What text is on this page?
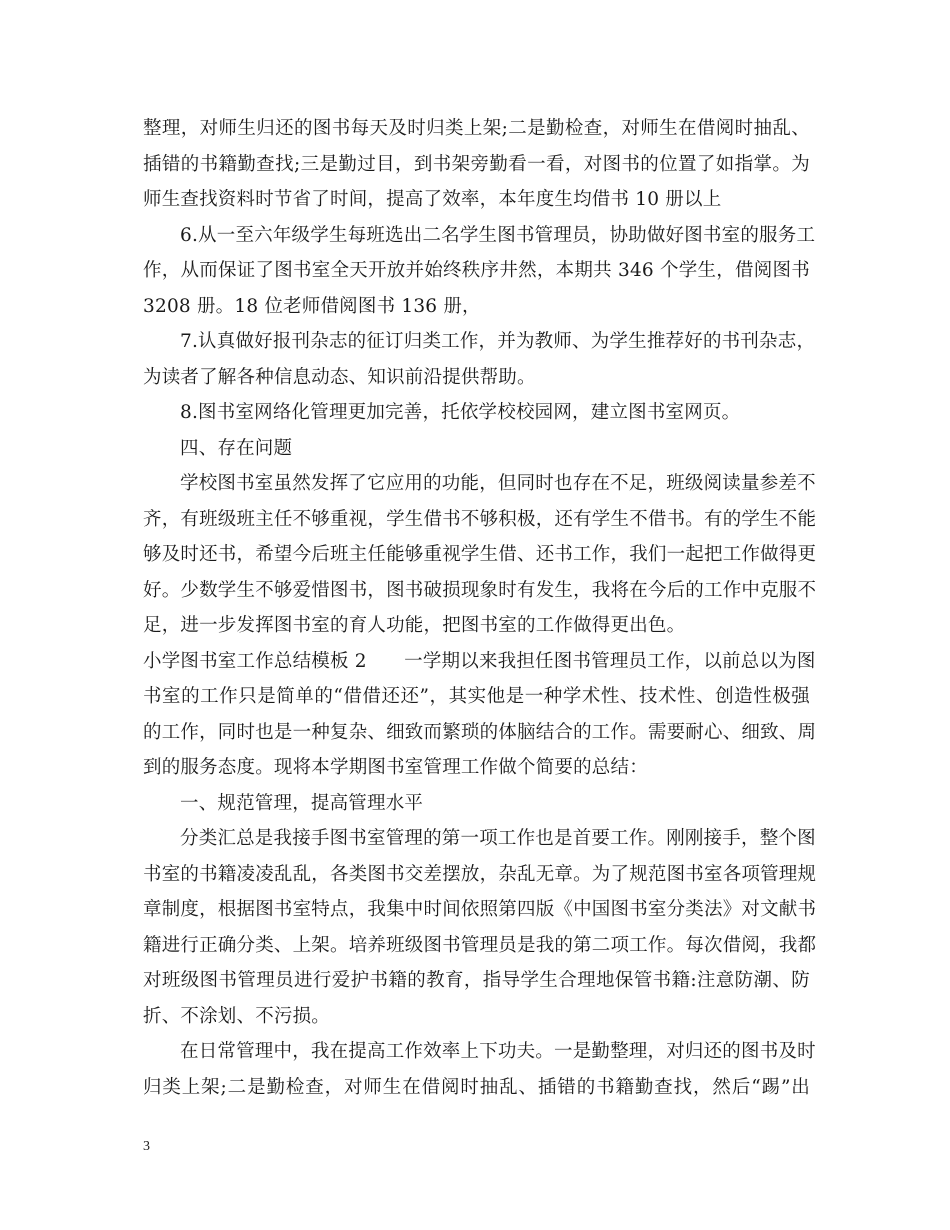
整理，对师生归还的图书每天及时归类上架;二是勤检查，对师生在借阅时抽乱、
插错的书籍勤查找;三是勤过目，到书架旁勤看一看，对图书的位置了如指掌。为
师生查找资料时节省了时间，提高了效率，本年度生均借书 10 册以上
6.从一至六年级学生每班选出二名学生图书管理员，协助做好图书室的服务工
作，从而保证了图书室全天开放并始终秩序井然，本期共 346 个学生，借阅图书
3208 册。18 位老师借阅图书 136 册，
7.认真做好报刊杂志的征订归类工作，并为教师、为学生推荐好的书刊杂志，
为读者了解各种信息动态、知识前沿提供帮助。
8.图书室网络化管理更加完善，托依学校校园网，建立图书室网页。
四、存在问题
学校图书室虽然发挥了它应用的功能，但同时也存在不足，班级阅读量参差不
齐，有班级班主任不够重视，学生借书不够积极，还有学生不借书。有的学生不能
够及时还书，希望今后班主任能够重视学生借、还书工作，我们一起把工作做得更
好。少数学生不够爱惜图书，图书破损现象时有发生，我将在今后的工作中克服不
足，进一步发挥图书室的育人功能，把图书室的工作做得更出色。
小学图书室工作总结模板 2　　一学期以来我担任图书管理员工作，以前总以为图
书室的工作只是简单的“借借还还”，其实他是一种学术性、技术性、创造性极强
的工作，同时也是一种复杂、细致而繁琐的体脑结合的工作。需要耐心、细致、周
到的服务态度。现将本学期图书室管理工作做个简要的总结：
一、规范管理，提高管理水平
分类汇总是我接手图书室管理的第一项工作也是首要工作。刚刚接手，整个图
书室的书籍凌凌乱乱，各类图书交差摆放，杂乱无章。为了规范图书室各项管理规
章制度，根据图书室特点，我集中时间依照第四版《中国图书室分类法》对文献书
籍进行正确分类、上架。培养班级图书管理员是我的第二项工作。每次借阅，我都
对班级图书管理员进行爱护书籍的教育，指导学生合理地保管书籍:注意防潮、防
折、不涂划、不污损。
在日常管理中，我在提高工作效率上下功夫。一是勤整理，对归还的图书及时
归类上架;二是勤检查，对师生在借阅时抽乱、插错的书籍勤查找，然后“踢”出
3
